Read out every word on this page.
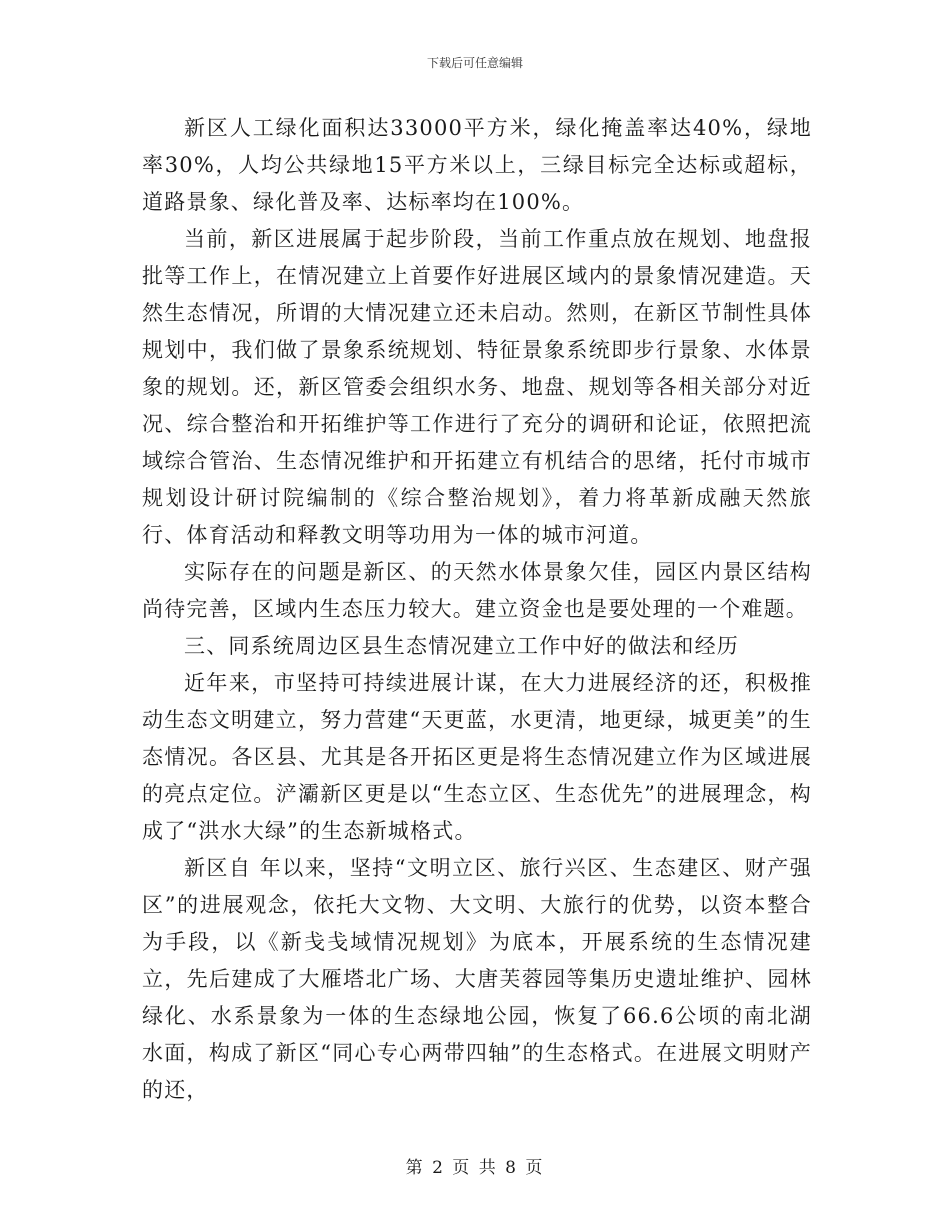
下载后可任意编辑

新区人工绿化面积达33000平方米，绿化掩盖率达40%，绿地率30%，人均公共绿地15平方米以上，三绿目标完全达标或超标，道路景象、绿化普及率、达标率均在100%。

当前，新区进展属于起步阶段，当前工作重点放在规划、地盘报批等工作上，在情况建立上首要作好进展区域内的景象情况建造。天然生态情况，所谓的大情况建立还未启动。然则，在新区节制性具体规划中，我们做了景象系统规划、特征景象系统即步行景象、水体景象的规划。还，新区管委会组织水务、地盘、规划等各相关部分对近况、综合整治和开拓维护等工作进行了充分的调研和论证，依照把流域综合管治、生态情况维护和开拓建立有机结合的思绪，托付市城市规划设计研讨院编制的《综合整治规划》，着力将革新成融天然旅行、体育活动和释教文明等功用为一体的城市河道。

实际存在的问题是新区、的天然水体景象欠佳，园区内景区结构尚待完善，区域内生态压力较大。建立资金也是要处理的一个难题。

三、同系统周边区县生态情况建立工作中好的做法和经历

近年来，市坚持可持续进展计谋，在大力进展经济的还，积极推动生态文明建立，努力营建“天更蓝，水更清，地更绿，城更美”的生态情况。各区县、尤其是各开拓区更是将生态情况建立作为区域进展的亮点定位。浐灞新区更是以“生态立区、生态优先”的进展理念，构成了“洪水大绿”的生态新城格式。

新区自 年以来，坚持“文明立区、旅行兴区、生态建区、财产强区”的进展观念，依托大文物、大文明、大旅行的优势，以资本整合为手段，以《新戋戋域情况规划》为底本，开展系统的生态情况建立，先后建成了大雁塔北广场、大唐芙蓉园等集历史遗址维护、园林绿化、水系景象为一体的生态绿地公园，恢复了66.6公顷的南北湖水面，构成了新区“同心专心两带四轴”的生态格式。在进展文明财产的还，

第 2 页 共 8 页
